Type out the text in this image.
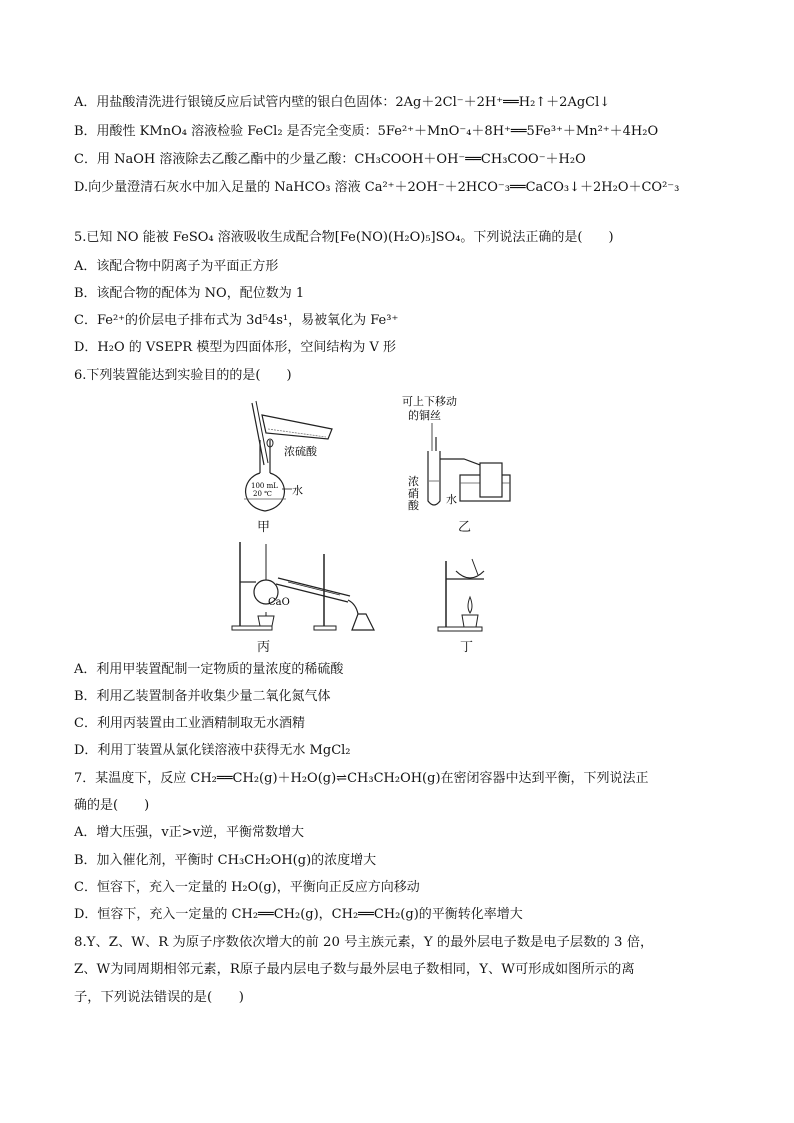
A．用盐酸清洗进行银镜反应后试管内壁的银白色固体：2Ag＋2Cl⁻＋2H⁺══H₂↑＋2AgCl↓
B．用酸性 KMnO₄ 溶液检验 FeCl₂ 是否完全变质：5Fe²⁺＋MnO⁻₄＋8H⁺══5Fe³⁺＋Mn²⁺＋4H₂O
C．用 NaOH 溶液除去乙酸乙酯中的少量乙酸：CH₃COOH＋OH⁻══CH₃COO⁻＋H₂O
D.向少量澄清石灰水中加入足量的 NaHCO₃ 溶液 Ca²⁺＋2OH⁻＋2HCO⁻₃══CaCO₃↓＋2H₂O＋CO²⁻₃
5.已知 NO 能被 FeSO₄ 溶液吸收生成配合物[Fe(NO)(H₂O)₅]SO₄。下列说法正确的是(　　)
A．该配合物中阴离子为平面正方形
B．该配合物的配体为 NO，配位数为 1
C．Fe²⁺的价层电子排布式为 3d⁵4s¹，易被氧化为 Fe³⁺
D．H₂O 的 VSEPR 模型为四面体形，空间结构为 V 形
6.下列装置能达到实验目的的是(　　)
100 mL
20 ℃ 水
浓硫酸
甲
可上下移动
的铜丝
浓
硝
酸 水
乙
CaO
丙	丁
A．利用甲装置配制一定物质的量浓度的稀硫酸
B．利用乙装置制备并收集少量二氧化氮气体
C．利用丙装置由工业酒精制取无水酒精
D．利用丁装置从氯化镁溶液中获得无水 MgCl₂
7．某温度下，反应 CH₂══CH₂(g)＋H₂O(g)⇌CH₃CH₂OH(g)在密闭容器中达到平衡，下列说法正
确的是(　　)
A．增大压强，v正>v逆，平衡常数增大
B．加入催化剂，平衡时 CH₃CH₂OH(g)的浓度增大
C．恒容下，充入一定量的 H₂O(g)，平衡向正反应方向移动
D．恒容下，充入一定量的 CH₂══CH₂(g)，CH₂══CH₂(g)的平衡转化率增大
8.Y、Z、W、R 为原子序数依次增大的前 20 号主族元素，Y 的最外层电子数是电子层数的 3 倍，
Z、W为同周期相邻元素，R原子最内层电子数与最外层电子数相同，Y、W可形成如图所示的离
子，下列说法错误的是(　　)
